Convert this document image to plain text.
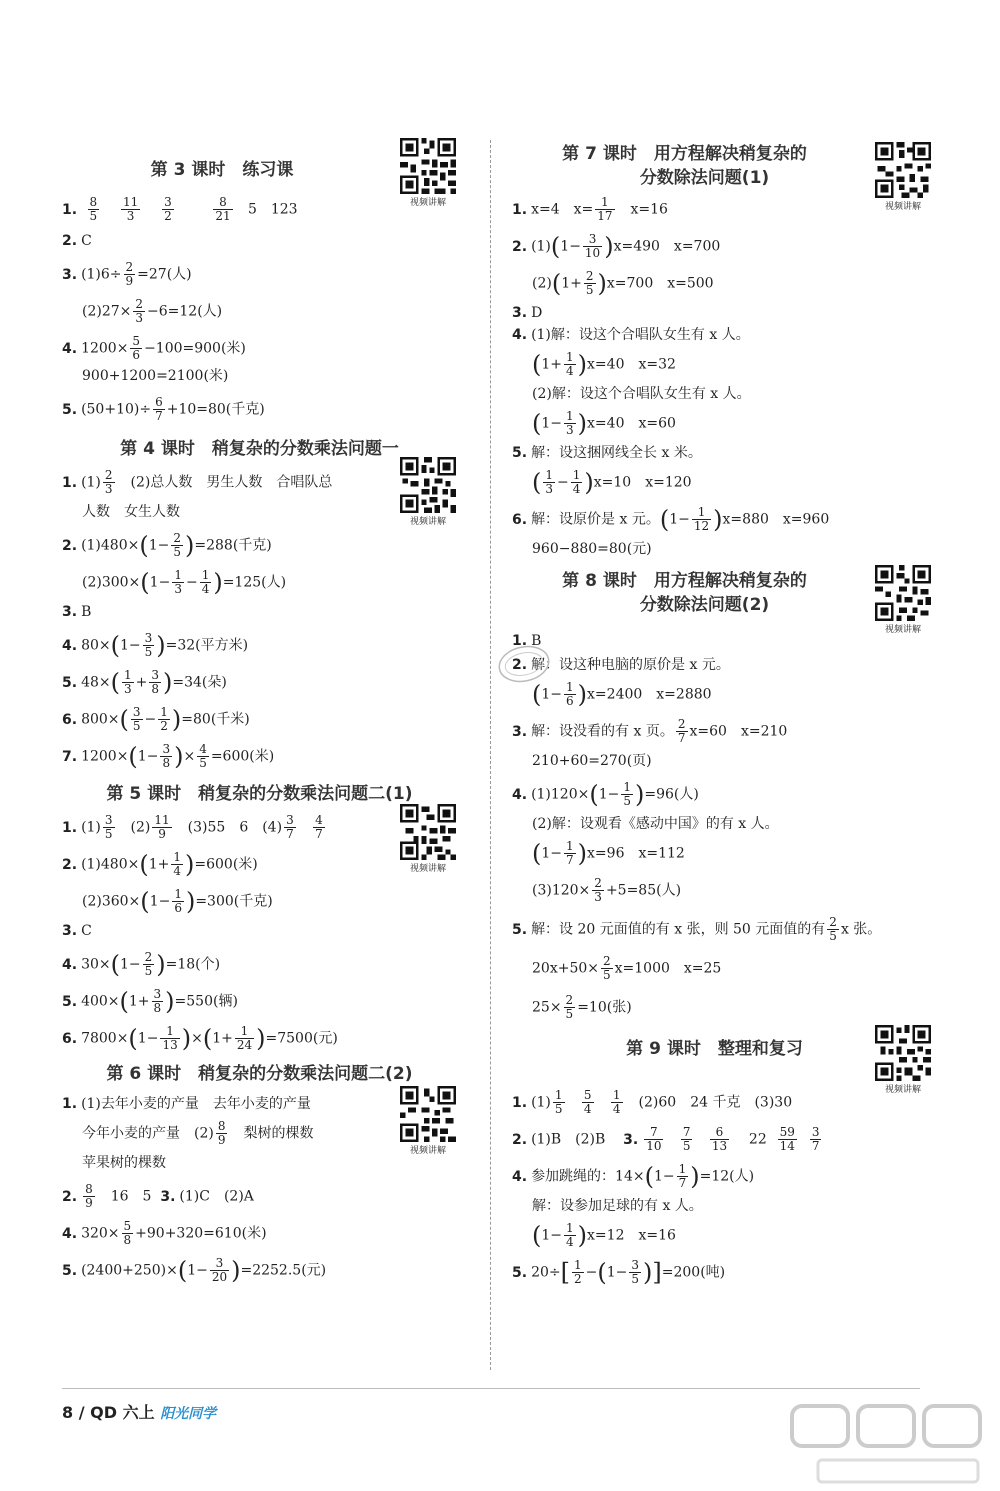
第 3 课时　练习课
视频讲解
1. $\frac{8}{5}$
$\frac{11}{3}$
$\frac{3}{2}$
	$\frac{8}{21} 5$　123
2. C
3. $(1)6\div \frac{2}{9} =27$(人)
$(2)27\times \frac{2}{3} -6=12$(人)
4. $1200\times \frac{5}{6} -100=900$(米)
900+1200=2100(米)
5. $(50+10)\div \frac{6}{7} +10=80$(千克)
第 4 课时　稍复杂的分数乘法问题一
视频讲解
1. $(1) \frac{2}{3}$ 　(2)总人数　男生人数　合唱队总
人数　女生人数
2. $(1)480\times(1- \frac{2}{5} )=288$(千克)
$(2)300\times(1- \frac{1}{3} - \frac{1}{4} )=125$(人)
3. B
4. $80\times(1- \frac{3}{5} )=32$(平方米)
5. $48\times( \frac{1}{3} + \frac{3}{8} )=34$(朵)
6. $800\times( \frac{3}{5} - \frac{1}{2} )=80$(千米)
7. $1200\times(1- \frac{3}{8}$ )× $\frac{4}{5} =600$(米)
第 5 课时　稍复杂的分数乘法问题二(1)
视频讲解
1. $(1) \frac{3}{5}$ 　$(2) \frac{11}{9}$ 　(3)55　6　$(4) \frac{3}{7}$
$\frac{4}{7}$
2. $(1)480\times(1+ \frac{1}{4} )=600$(米)
$(2)360\times(1- \frac{1}{6} )=300$(千克)
3. C
4. $30\times(1- \frac{2}{5} )=18$(个)
5. $400\times(1+ \frac{3}{8} )=550$(辆)
6. $7800\times(1- \frac{1}{13} )\times(1+ \frac{1}{24} )=7500$(元)
第 6 课时　稍复杂的分数乘法问题二(2)
视频讲解
1. (1)去年小麦的产量　去年小麦的产量
今年小麦的产量　$(2) \frac{8}{9}$ 　梨树的棵数
苹果树的棵数
2. $\frac{8}{9}$ 　16　5 3. (1)C　(2)A
4. $320\times \frac{5}{8} +90+320=610$(米)
5. $(2400+250)\times(1- \frac{3}{20} )=2252.5$(元)
第 7 课时　用方程解决稍复杂的
分数除法问题(1)
视频讲解
1. x=4　$x= \frac{1}{17}$ 　x=16
2. $(1)(1- \frac{3}{10} )x=490$　x=700
$(2)(1+ \frac{2}{5} )x=700$　x=500
3. D
4. (1)解：设这个合唱队女生有 x 人。
$(1+ \frac{1}{4} )x=40$　x=32
(2)解：设这个合唱队女生有 x 人。
$(1- \frac{1}{3} )x=40$　x=60
5. 解：设这捆网线全长 x 米。
( $\frac{1}{3} - \frac{1}{4} )x=10$　x=120
6. 解：设原价是 x 元。$(1- \frac{1}{12} )x=880$　x=960
960−880=80(元)
第 8 课时　用方程解决稍复杂的
分数除法问题(2)
视频讲解
1. B
2. 解：设这种电脑的原价是 x 元。
$(1- \frac{1}{6} )x=2400$　x=2880
3. 解：设没看的有 x 页。 $\frac{2}{7} x=60$　x=210
210+60=270(页)
4. $(1)120\times(1- \frac{1}{5} )=96$(人)
(2)解：设观看《感动中国》的有 x 人。
$(1- \frac{1}{7} )x=96$　x=112
$(3)120\times \frac{2}{3} +5=85$(人)
5. 解：设 20 元面值的有 x 张，则 50 元面值的有 $\frac{2}{5}$ x 张。
$20x+50\times \frac{2}{5} x=1000$　x=25
$25\times \frac{2}{5} =10$(张)
第 9 课时　整理和复习
视频讲解
1. $(1) \frac{1}{5}$
$\frac{5}{4}$
$\frac{1}{4}$ 　(2)60　24 千克　(3)30
2. (1)B　(2)B 3. $\frac{7}{10}$
$\frac{7}{5}$
$\frac{6}{13} 22 \frac{59}{14}$
$\frac{3}{7}$
4. 参加跳绳的：$14\times(1- \frac{1}{7} )=12$(人)
解：设参加足球的有 x 人。
$(1- \frac{1}{4} )x=12$　x=16
5. $20\div[ \frac{1}{2} -(1- \frac{3}{5} )]=200$(吨)
8 / QD 六上 阳光同学
